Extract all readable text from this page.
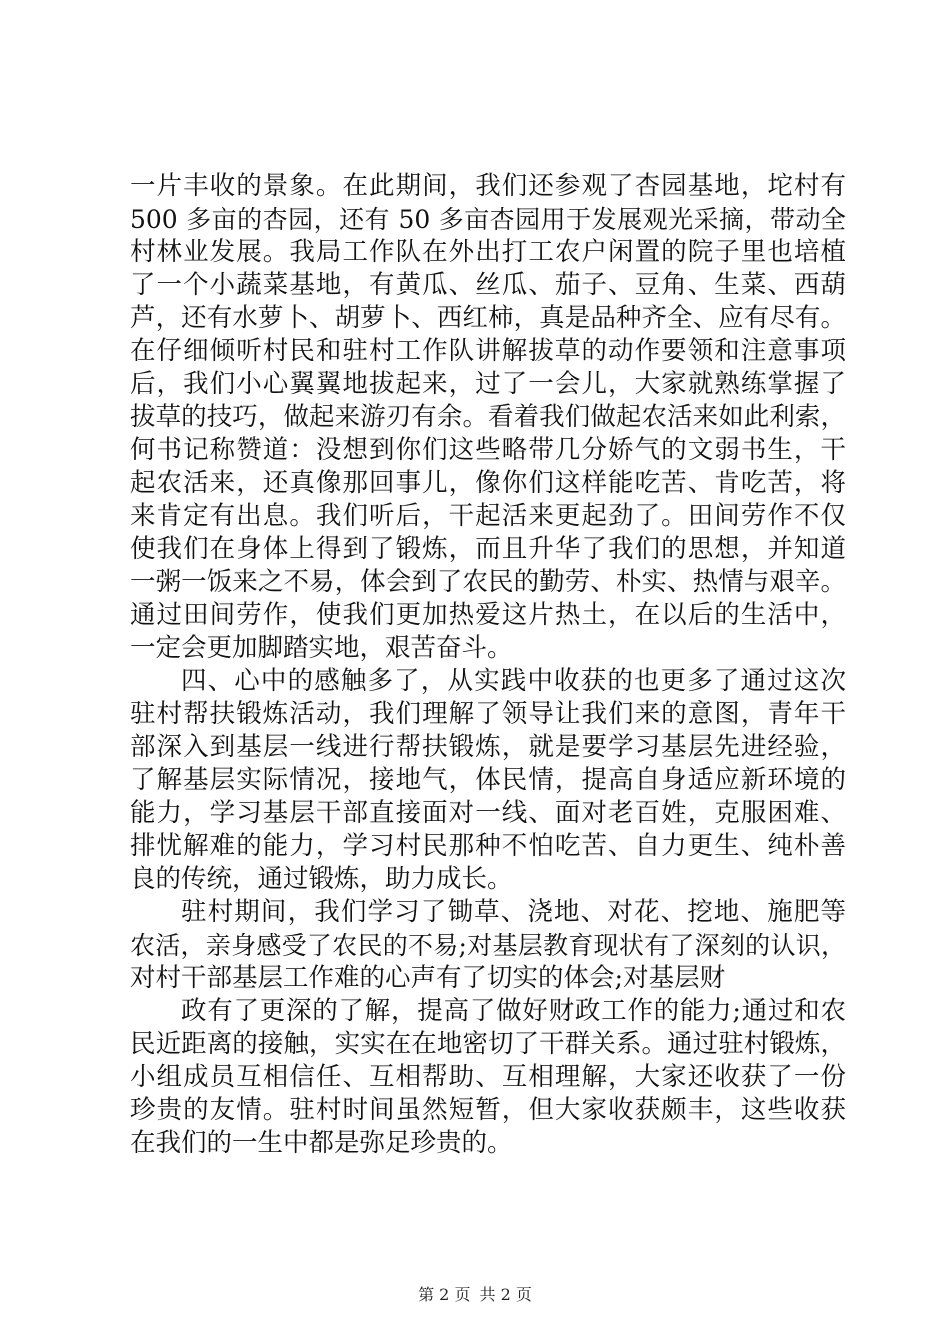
一片丰收的景象。在此期间，我们还参观了杏园基地，坨村有
500 多亩的杏园，还有 50 多亩杏园用于发展观光采摘，带动全
村林业发展。我局工作队在外出打工农户闲置的院子里也培植
了一个小蔬菜基地，有黄瓜、丝瓜、茄子、豆角、生菜、西葫
芦，还有水萝卜、胡萝卜、西红柿，真是品种齐全、应有尽有。
在仔细倾听村民和驻村工作队讲解拔草的动作要领和注意事项
后，我们小心翼翼地拔起来，过了一会儿，大家就熟练掌握了
拔草的技巧，做起来游刃有余。看着我们做起农活来如此利索，
何书记称赞道：没想到你们这些略带几分娇气的文弱书生，干
起农活来，还真像那回事儿，像你们这样能吃苦、肯吃苦，将
来肯定有出息。我们听后，干起活来更起劲了。田间劳作不仅
使我们在身体上得到了锻炼，而且升华了我们的思想，并知道
一粥一饭来之不易，体会到了农民的勤劳、朴实、热情与艰辛。
通过田间劳作，使我们更加热爱这片热土，在以后的生活中，
一定会更加脚踏实地，艰苦奋斗。
四、心中的感触多了，从实践中收获的也更多了通过这次
驻村帮扶锻炼活动，我们理解了领导让我们来的意图，青年干
部深入到基层一线进行帮扶锻炼，就是要学习基层先进经验，
了解基层实际情况，接地气，体民情，提高自身适应新环境的
能力，学习基层干部直接面对一线、面对老百姓，克服困难、
排忧解难的能力，学习村民那种不怕吃苦、自力更生、纯朴善
良的传统，通过锻炼，助力成长。
驻村期间，我们学习了锄草、浇地、对花、挖地、施肥等
农活，亲身感受了农民的不易;对基层教育现状有了深刻的认识，
对村干部基层工作难的心声有了切实的体会;对基层财
政有了更深的了解，提高了做好财政工作的能力;通过和农
民近距离的接触，实实在在地密切了干群关系。通过驻村锻炼，
小组成员互相信任、互相帮助、互相理解，大家还收获了一份
珍贵的友情。驻村时间虽然短暂，但大家收获颇丰，这些收获
在我们的一生中都是弥足珍贵的。
第 2 页 共 2 页
